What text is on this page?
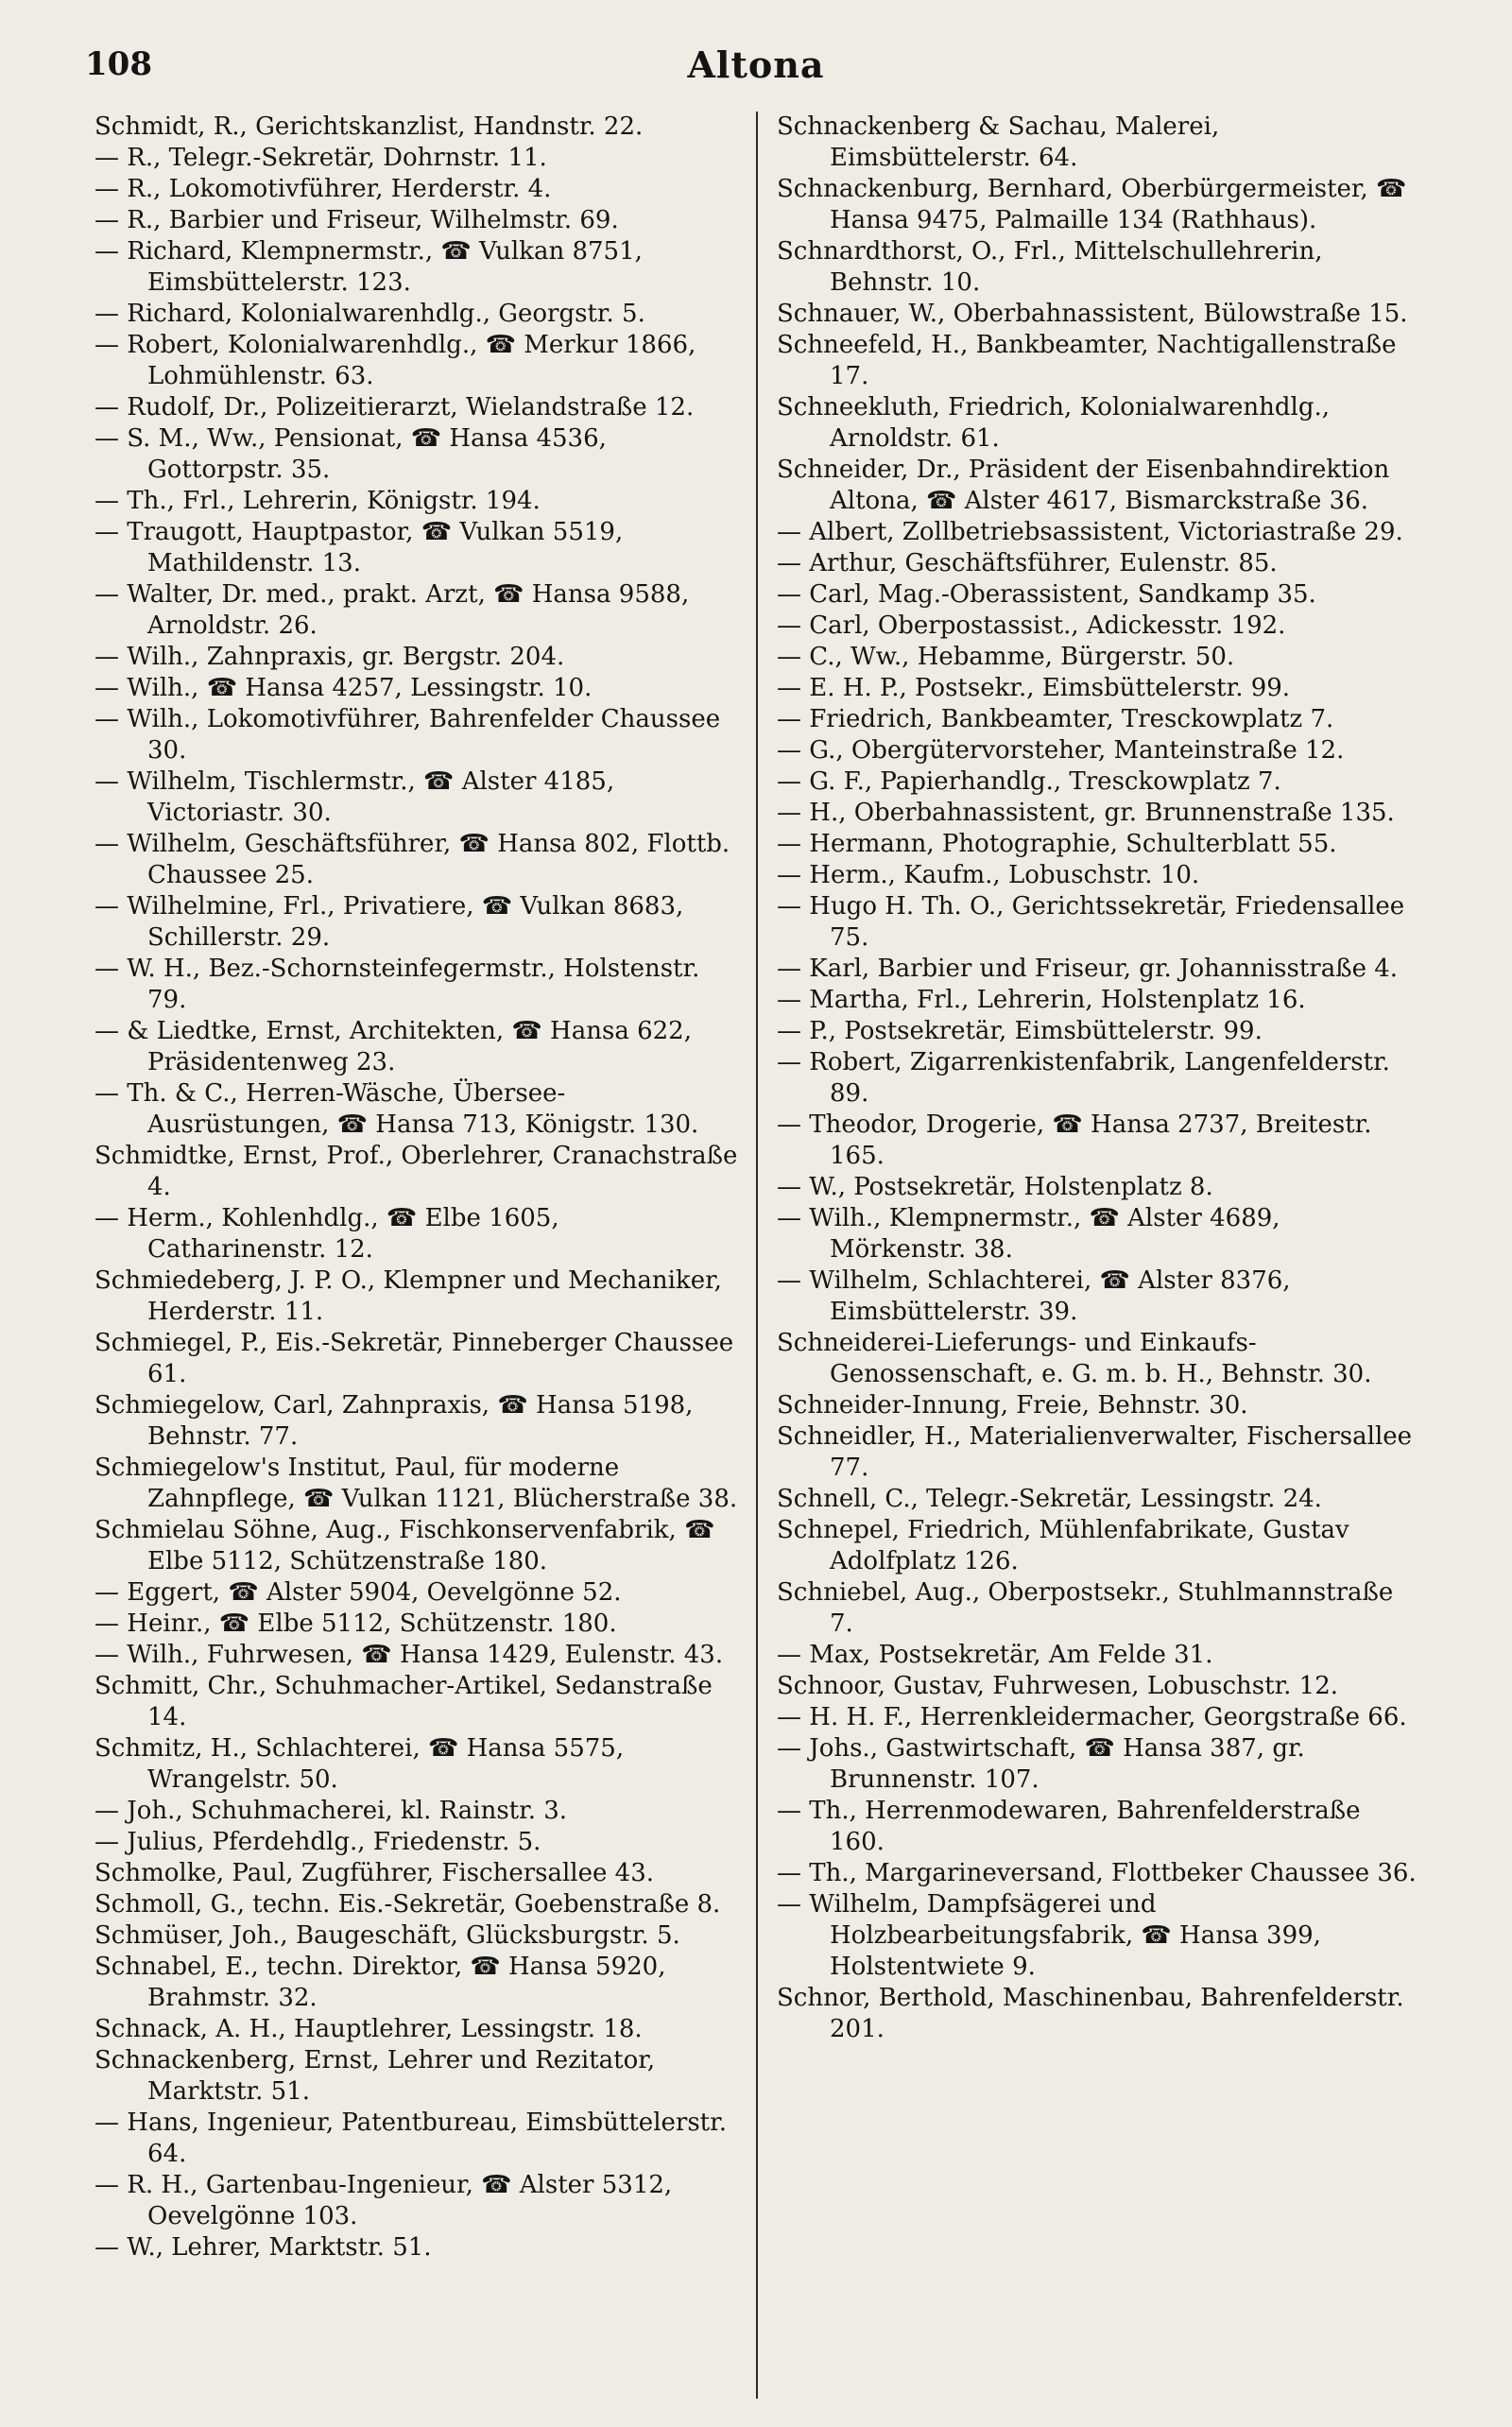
108	Altona
Schmidt, R., Gerichtskanzlist, Handnstr. 22.
— R., Telegr.-Sekretär, Dohrnstr. 11.
— R., Lokomotivführer, Herderstr. 4.
— R., Barbier und Friseur, Wilhelmstr. 69.
— Richard, Klempnermstr., ☎ Vulkan 8751, Eimsbüttelerstr. 123.
— Richard, Kolonialwarenhdlg., Georgstr. 5.
— Robert, Kolonialwarenhdlg., ☎ Merkur 1866, Lohmühlenstr. 63.
— Rudolf, Dr., Polizeitierarzt, Wielandstraße 12.
— S. M., Ww., Pensionat, ☎ Hansa 4536, Gottorpstr. 35.
— Th., Frl., Lehrerin, Königstr. 194.
— Traugott, Hauptpastor, ☎ Vulkan 5519, Mathildenstr. 13.
— Walter, Dr. med., prakt. Arzt, ☎ Hansa 9588, Arnoldstr. 26.
— Wilh., Zahnpraxis, gr. Bergstr. 204.
— Wilh., ☎ Hansa 4257, Lessingstr. 10.
— Wilh., Lokomotivführer, Bahrenfelder Chaussee 30.
— Wilhelm, Tischlermstr., ☎ Alster 4185, Victoriastr. 30.
— Wilhelm, Geschäftsführer, ☎ Hansa 802, Flottb. Chaussee 25.
— Wilhelmine, Frl., Privatiere, ☎ Vulkan 8683, Schillerstr. 29.
— W. H., Bez.-Schornsteinfegermstr., Holstenstr. 79.
— & Liedtke, Ernst, Architekten, ☎ Hansa 622, Präsidentenweg 23.
— Th. & C., Herren-Wäsche, Übersee-Ausrüstungen, ☎ Hansa 713, Königstr. 130.
Schmidtke, Ernst, Prof., Oberlehrer, Cranachstraße 4.
— Herm., Kohlenhdlg., ☎ Elbe 1605, Catharinenstr. 12.
Schmiedeberg, J. P. O., Klempner und Mechaniker, Herderstr. 11.
Schmiegel, P., Eis.-Sekretär, Pinneberger Chaussee 61.
Schmiegelow, Carl, Zahnpraxis, ☎ Hansa 5198, Behnstr. 77.
Schmiegelow's Institut, Paul, für moderne Zahnpflege, ☎ Vulkan 1121, Blücherstraße 38.
Schmielau Söhne, Aug., Fischkonservenfabrik, ☎ Elbe 5112, Schützenstraße 180.
— Eggert, ☎ Alster 5904, Oevelgönne 52.
— Heinr., ☎ Elbe 5112, Schützenstr. 180.
— Wilh., Fuhrwesen, ☎ Hansa 1429, Eulenstr. 43.
Schmitt, Chr., Schuhmacher-Artikel, Sedanstraße 14.
Schmitz, H., Schlachterei, ☎ Hansa 5575, Wrangelstr. 50.
— Joh., Schuhmacherei, kl. Rainstr. 3.
— Julius, Pferdehdlg., Friedenstr. 5.
Schmolke, Paul, Zugführer, Fischersallee 43.
Schmoll, G., techn. Eis.-Sekretär, Goebenstraße 8.
Schmüser, Joh., Baugeschäft, Glücksburgstr. 5.
Schnabel, E., techn. Direktor, ☎ Hansa 5920, Brahmstr. 32.
Schnack, A. H., Hauptlehrer, Lessingstr. 18.
Schnackenberg, Ernst, Lehrer und Rezitator, Marktstr. 51.
— Hans, Ingenieur, Patentbureau, Eimsbüttelerstr. 64.
— R. H., Gartenbau-Ingenieur, ☎ Alster 5312, Oevelgönne 103.
— W., Lehrer, Marktstr. 51.
Schnackenberg & Sachau, Malerei, Eimsbüttelerstr. 64.
Schnackenburg, Bernhard, Oberbürgermeister, ☎ Hansa 9475, Palmaille 134 (Rathhaus).
Schnardthorst, O., Frl., Mittelschullehrerin, Behnstr. 10.
Schnauer, W., Oberbahnassistent, Bülowstraße 15.
Schneefeld, H., Bankbeamter, Nachtigallenstraße 17.
Schneekluth, Friedrich, Kolonialwarenhdlg., Arnoldstr. 61.
Schneider, Dr., Präsident der Eisenbahndirektion Altona, ☎ Alster 4617, Bismarckstraße 36.
— Albert, Zollbetriebsassistent, Victoriastraße 29.
— Arthur, Geschäftsführer, Eulenstr. 85.
— Carl, Mag.-Oberassistent, Sandkamp 35.
— Carl, Oberpostassist., Adickesstr. 192.
— C., Ww., Hebamme, Bürgerstr. 50.
— E. H. P., Postsekr., Eimsbüttelerstr. 99.
— Friedrich, Bankbeamter, Tresckowplatz 7.
— G., Obergütervorsteher, Manteinstraße 12.
— G. F., Papierhandlg., Tresckowplatz 7.
— H., Oberbahnassistent, gr. Brunnenstraße 135.
— Hermann, Photographie, Schulterblatt 55.
— Herm., Kaufm., Lobuschstr. 10.
— Hugo H. Th. O., Gerichtssekretär, Friedensallee 75.
— Karl, Barbier und Friseur, gr. Johannisstraße 4.
— Martha, Frl., Lehrerin, Holstenplatz 16.
— P., Postsekretär, Eimsbüttelerstr. 99.
— Robert, Zigarrenkistenfabrik, Langenfelderstr. 89.
— Theodor, Drogerie, ☎ Hansa 2737, Breitestr. 165.
— W., Postsekretär, Holstenplatz 8.
— Wilh., Klempnermstr., ☎ Alster 4689, Mörkenstr. 38.
— Wilhelm, Schlachterei, ☎ Alster 8376, Eimsbüttelerstr. 39.
Schneiderei-Lieferungs- und Einkaufs-Genossenschaft, e. G. m. b. H., Behnstr. 30.
Schneider-Innung, Freie, Behnstr. 30.
Schneidler, H., Materialienverwalter, Fischersallee 77.
Schnell, C., Telegr.-Sekretär, Lessingstr. 24.
Schnepel, Friedrich, Mühlenfabrikate, Gustav Adolfplatz 126.
Schniebel, Aug., Oberpostsekr., Stuhlmannstraße 7.
— Max, Postsekretär, Am Felde 31.
Schnoor, Gustav, Fuhrwesen, Lobuschstr. 12.
— H. H. F., Herrenkleidermacher, Georgstraße 66.
— Johs., Gastwirtschaft, ☎ Hansa 387, gr. Brunnenstr. 107.
— Th., Herrenmodewaren, Bahrenfelderstraße 160.
— Th., Margarineversand, Flottbeker Chaussee 36.
— Wilhelm, Dampfsägerei und Holzbearbeitungsfabrik, ☎ Hansa 399, Holstentwiete 9.
Schnor, Berthold, Maschinenbau, Bahrenfelderstr. 201.
